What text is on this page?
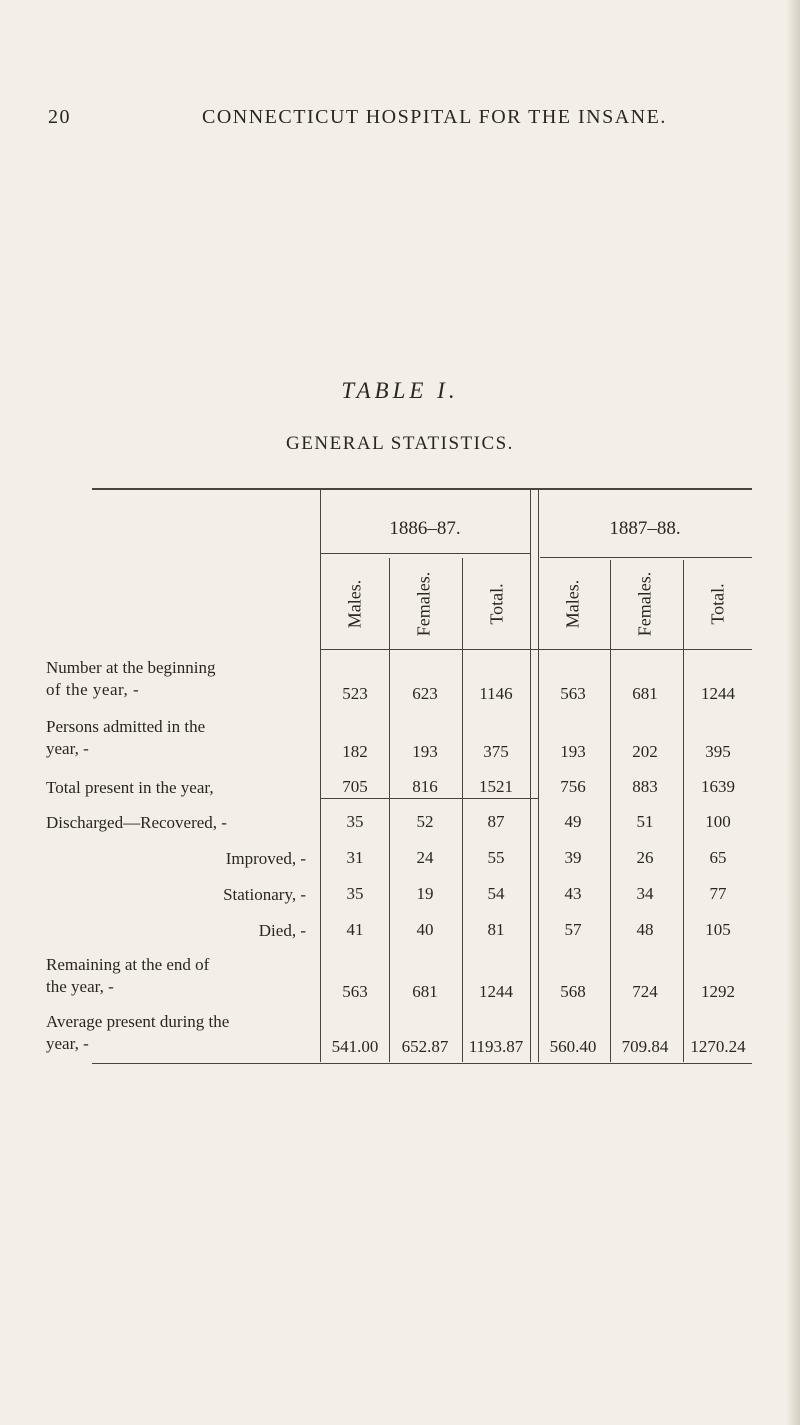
20	CONNECTICUT HOSPITAL FOR THE INSANE.
TABLE I.
GENERAL STATISTICS.
1886–87.	1887–88.
Males.	Females.	Total.	Males.	Females.	Total.
Number at the beginning
of the year, -	523	623	1146	563	681	1244
Persons admitted in the
year, -	182	193	375	193	202	395
Total present in the year,	705	816	1521	756	883	1639
Discharged—Recovered, -	35	52	87	49	51	100
Improved, -	31	24	55	39	26	65
Stationary, -	35	19	54	43	34	77
Died, -	41	40	81	57	48	105
Remaining at the end of
the year, -	563	681	1244	568	724	1292
Average present during the
year, -	541.00	652.87	1193.87	560.40	709.84	1270.24
